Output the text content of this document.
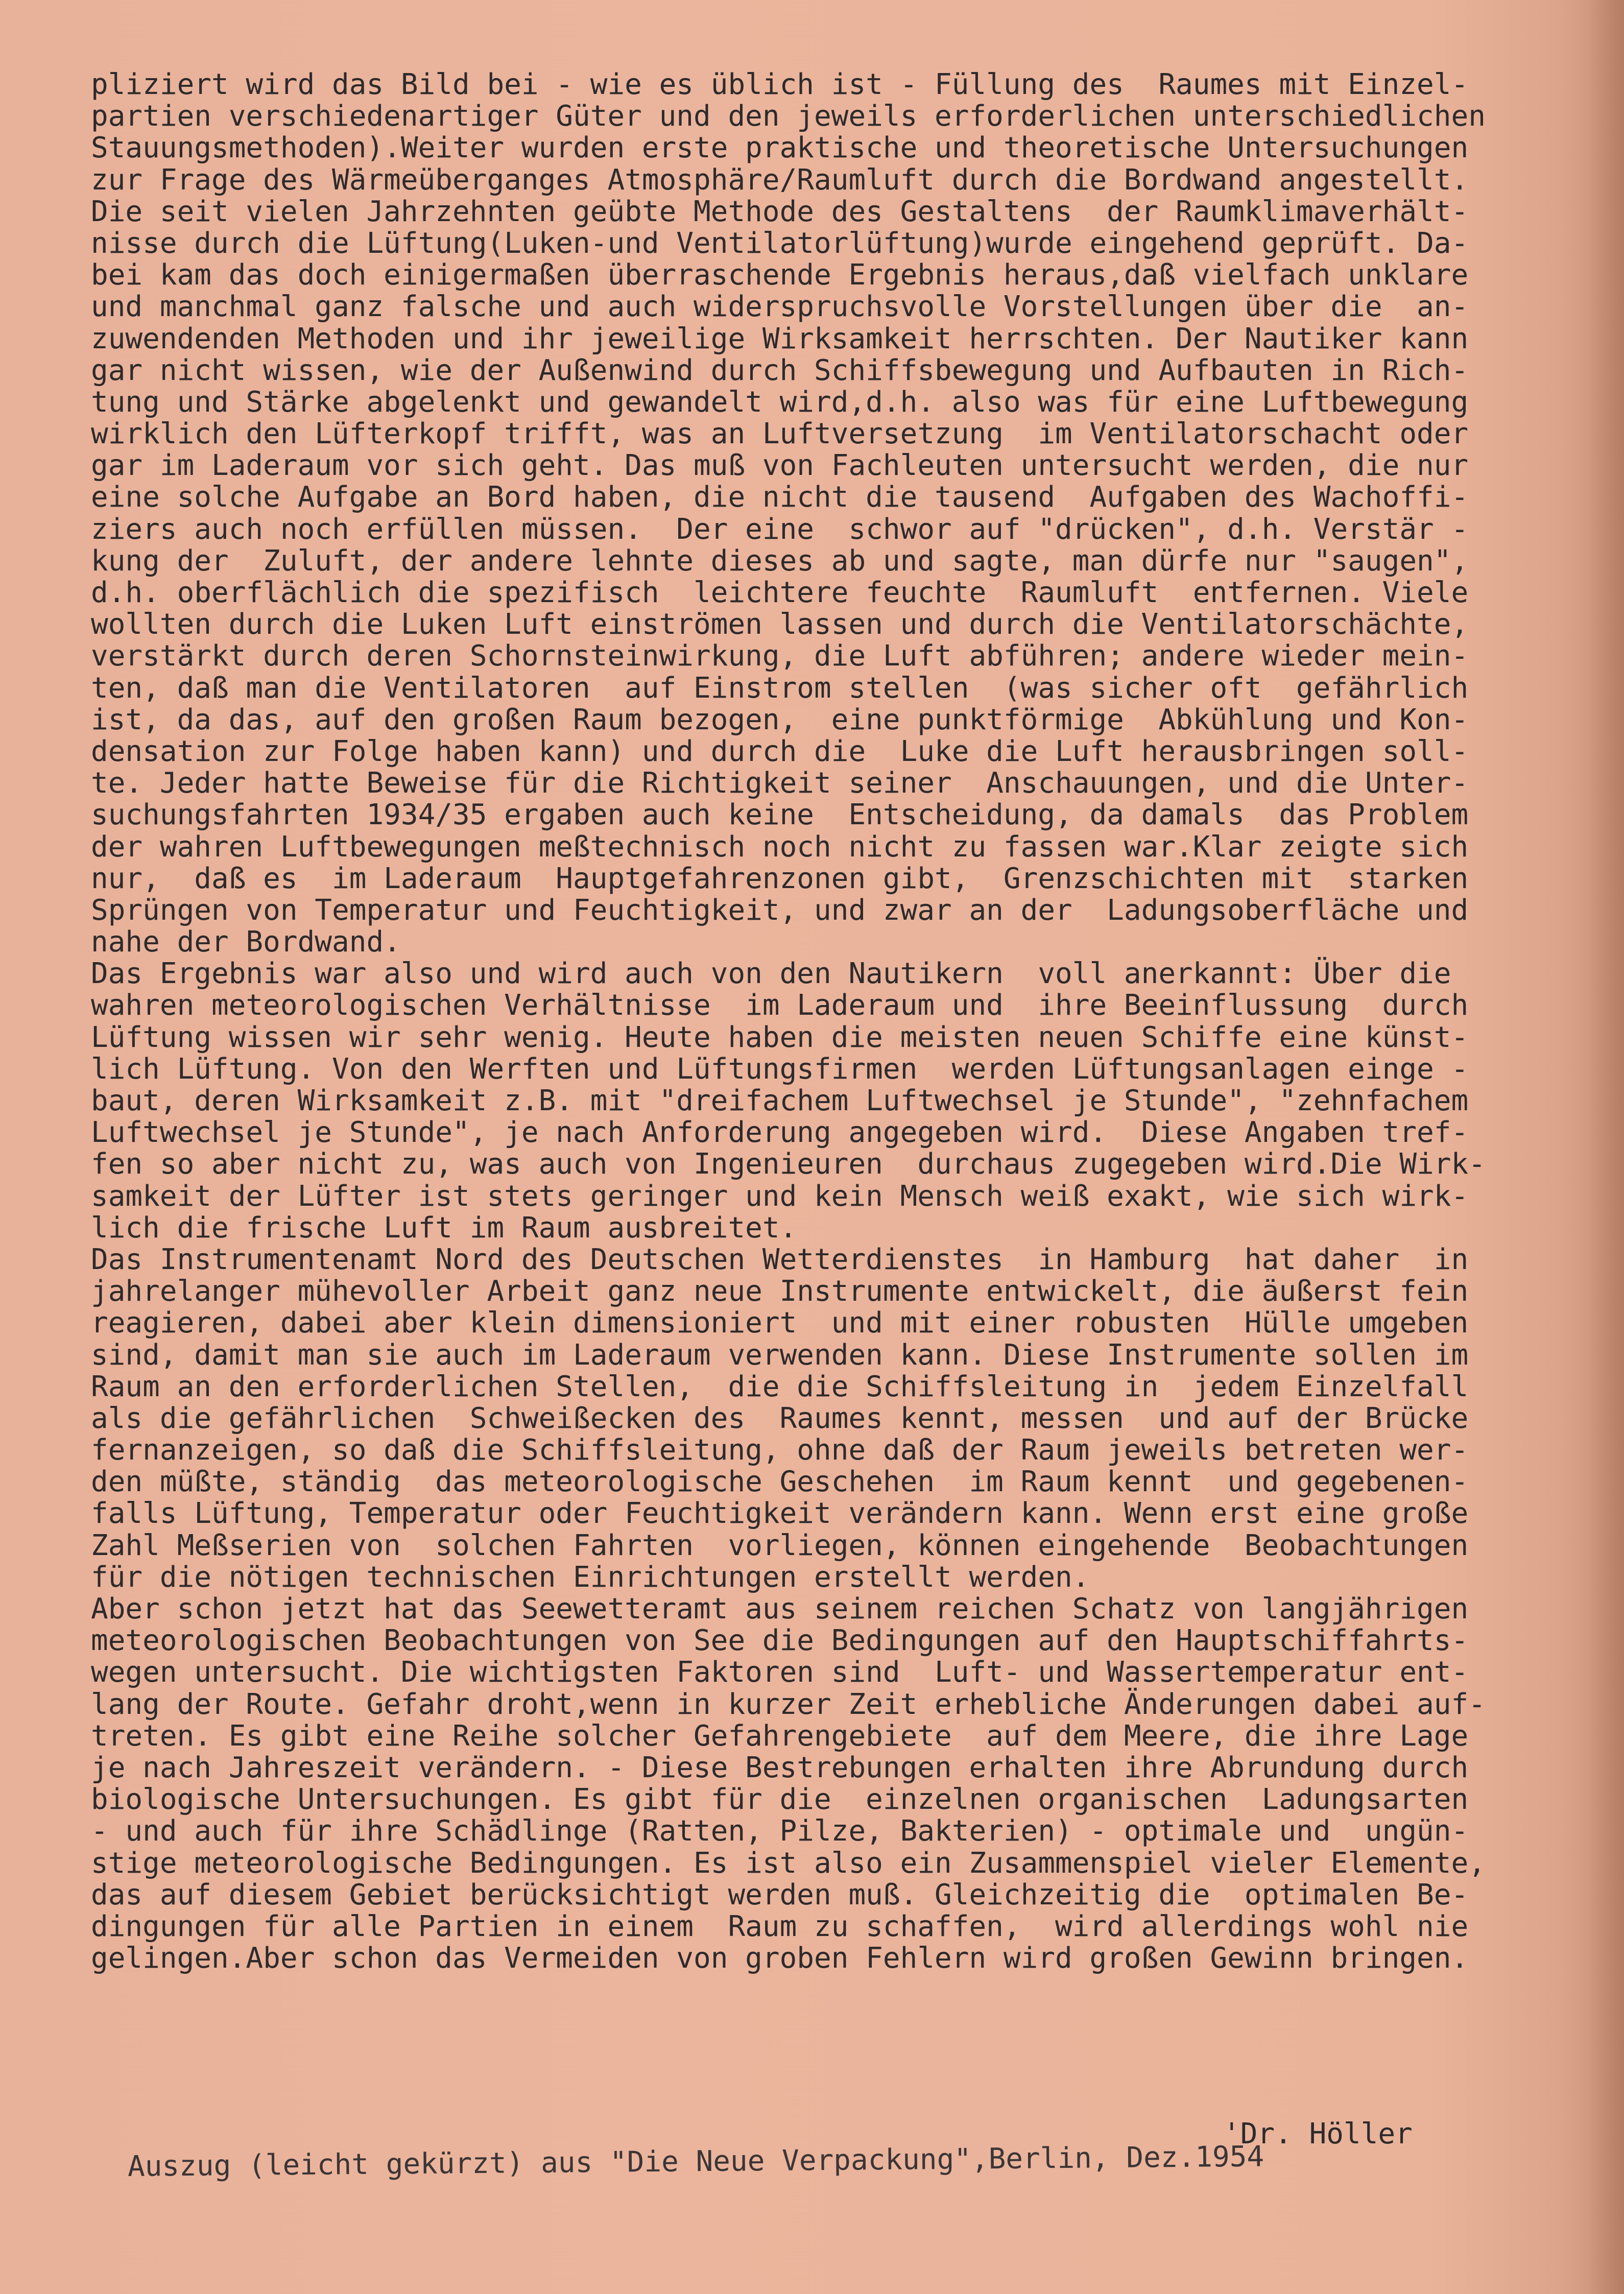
pliziert wird das Bild bei - wie es üblich ist - Füllung des  Raumes mit Einzel-
partien verschiedenartiger Güter und den jeweils erforderlichen unterschiedlichen
Stauungsmethoden).Weiter wurden erste praktische und theoretische Untersuchungen
zur Frage des Wärmeüberganges Atmosphäre/Raumluft durch die Bordwand angestellt.
Die seit vielen Jahrzehnten geübte Methode des Gestaltens  der Raumklimaverhält-
nisse durch die Lüftung(Luken-und Ventilatorlüftung)wurde eingehend geprüft. Da-
bei kam das doch einigermaßen überraschende Ergebnis heraus,daß vielfach unklare
und manchmal ganz falsche und auch widerspruchsvolle Vorstellungen über die  an-
zuwendenden Methoden und ihr jeweilige Wirksamkeit herrschten. Der Nautiker kann
gar nicht wissen, wie der Außenwind durch Schiffsbewegung und Aufbauten in Rich-
tung und Stärke abgelenkt und gewandelt wird,d.h. also was für eine Luftbewegung
wirklich den Lüfterkopf trifft, was an Luftversetzung  im Ventilatorschacht oder
gar im Laderaum vor sich geht. Das muß von Fachleuten untersucht werden, die nur
eine solche Aufgabe an Bord haben, die nicht die tausend  Aufgaben des Wachoffi-
ziers auch noch erfüllen müssen.  Der eine  schwor auf "drücken", d.h. Verstär -
kung der  Zuluft, der andere lehnte dieses ab und sagte, man dürfe nur "saugen",
d.h. oberflächlich die spezifisch  leichtere feuchte  Raumluft  entfernen. Viele
wollten durch die Luken Luft einströmen lassen und durch die Ventilatorschächte,
verstärkt durch deren Schornsteinwirkung, die Luft abführen; andere wieder mein-
ten, daß man die Ventilatoren  auf Einstrom stellen  (was sicher oft  gefährlich
ist, da das, auf den großen Raum bezogen,  eine punktförmige  Abkühlung und Kon-
densation zur Folge haben kann) und durch die  Luke die Luft herausbringen soll-
te. Jeder hatte Beweise für die Richtigkeit seiner  Anschauungen, und die Unter-
suchungsfahrten 1934/35 ergaben auch keine  Entscheidung, da damals  das Problem
der wahren Luftbewegungen meßtechnisch noch nicht zu fassen war.Klar zeigte sich
nur,  daß es  im Laderaum  Hauptgefahrenzonen gibt,  Grenzschichten mit  starken
Sprüngen von Temperatur und Feuchtigkeit, und zwar an der  Ladungsoberfläche und
nahe der Bordwand.
Das Ergebnis war also und wird auch von den Nautikern  voll anerkannt: Über die
wahren meteorologischen Verhältnisse  im Laderaum und  ihre Beeinflussung  durch
Lüftung wissen wir sehr wenig. Heute haben die meisten neuen Schiffe eine künst-
lich Lüftung. Von den Werften und Lüftungsfirmen  werden Lüftungsanlagen einge -
baut, deren Wirksamkeit z.B. mit "dreifachem Luftwechsel je Stunde", "zehnfachem
Luftwechsel je Stunde", je nach Anforderung angegeben wird.  Diese Angaben tref-
fen so aber nicht zu, was auch von Ingenieuren  durchaus zugegeben wird.Die Wirk-
samkeit der Lüfter ist stets geringer und kein Mensch weiß exakt, wie sich wirk-
lich die frische Luft im Raum ausbreitet.
Das Instrumentenamt Nord des Deutschen Wetterdienstes  in Hamburg  hat daher  in
jahrelanger mühevoller Arbeit ganz neue Instrumente entwickelt, die äußerst fein
reagieren, dabei aber klein dimensioniert  und mit einer robusten  Hülle umgeben
sind, damit man sie auch im Laderaum verwenden kann. Diese Instrumente sollen im
Raum an den erforderlichen Stellen,  die die Schiffsleitung in  jedem Einzelfall
als die gefährlichen  Schweißecken des  Raumes kennt, messen  und auf der Brücke
fernanzeigen, so daß die Schiffsleitung, ohne daß der Raum jeweils betreten wer-
den müßte, ständig  das meteorologische Geschehen  im Raum kennt  und gegebenen-
falls Lüftung, Temperatur oder Feuchtigkeit verändern kann. Wenn erst eine große
Zahl Meßserien von  solchen Fahrten  vorliegen, können eingehende  Beobachtungen
für die nötigen technischen Einrichtungen erstellt werden.
Aber schon jetzt hat das Seewetteramt aus seinem reichen Schatz von langjährigen
meteorologischen Beobachtungen von See die Bedingungen auf den Hauptschiffahrts-
wegen untersucht. Die wichtigsten Faktoren sind  Luft- und Wassertemperatur ent-
lang der Route. Gefahr droht,wenn in kurzer Zeit erhebliche Änderungen dabei auf-
treten. Es gibt eine Reihe solcher Gefahrengebiete  auf dem Meere, die ihre Lage
je nach Jahreszeit verändern. - Diese Bestrebungen erhalten ihre Abrundung durch
biologische Untersuchungen. Es gibt für die  einzelnen organischen  Ladungsarten
- und auch für ihre Schädlinge (Ratten, Pilze, Bakterien) - optimale und  ungün-
stige meteorologische Bedingungen. Es ist also ein Zusammenspiel vieler Elemente,
das auf diesem Gebiet berücksichtigt werden muß. Gleichzeitig die  optimalen Be-
dingungen für alle Partien in einem  Raum zu schaffen,  wird allerdings wohl nie
gelingen.Aber schon das Vermeiden von groben Fehlern wird großen Gewinn bringen.
'Dr. Höller
Auszug (leicht gekürzt) aus "Die Neue Verpackung",Berlin, Dez.1954
